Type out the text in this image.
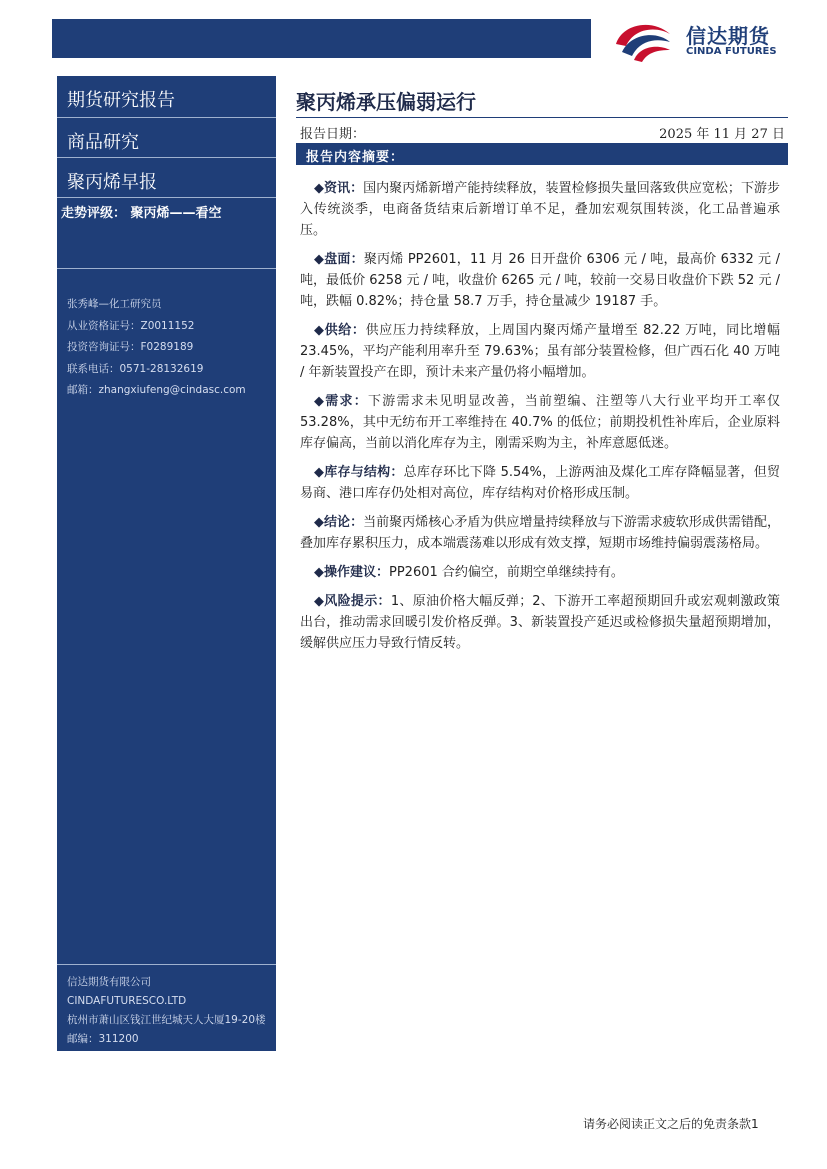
信达期货
CINDA FUTURES
期货研究报告
商品研究
聚丙烯早报
走势评级： 聚丙烯——看空
张秀峰—化工研究员
从业资格证号：Z0011152
投资咨询证号：F0289189
联系电话：0571-28132619
邮箱：zhangxiufeng@cindasc.com
信达期货有限公司
CINDAFUTURESCO.LTD
杭州市萧山区钱江世纪城天人大厦19-20楼
邮编：311200
聚丙烯承压偏弱运行
报告日期：	2025 年 11 月 27 日
报告内容摘要：

◆资讯：国内聚丙烯新增产能持续释放，装置检修损失量回落致供应宽松；下游步入传统淡季，电商备货结束后新增订单不足，叠加宏观氛围转淡，化工品普遍承压。

◆盘面：聚丙烯 PP2601，11 月 26 日开盘价 6306 元 / 吨，最高价 6332 元 / 吨，最低价 6258 元 / 吨，收盘价 6265 元 / 吨，较前一交易日收盘价下跌 52 元 / 吨，跌幅 0.82%；持仓量 58.7 万手，持仓量减少 19187 手。

◆供给：供应压力持续释放，上周国内聚丙烯产量增至 82.22 万吨，同比增幅 23.45%，平均产能利用率升至 79.63%；虽有部分装置检修，但广西石化 40 万吨 / 年新装置投产在即，预计未来产量仍将小幅增加。

◆需求：下游需求未见明显改善，当前塑编、注塑等八大行业平均开工率仅 53.28%，其中无纺布开工率维持在 40.7% 的低位；前期投机性补库后，企业原料库存偏高，当前以消化库存为主，刚需采购为主，补库意愿低迷。

◆库存与结构：总库存环比下降 5.54%，上游两油及煤化工库存降幅显著，但贸易商、港口库存仍处相对高位，库存结构对价格形成压制。

◆结论：当前聚丙烯核心矛盾为供应增量持续释放与下游需求疲软形成供需错配，叠加库存累积压力，成本端震荡难以形成有效支撑，短期市场维持偏弱震荡格局。

◆操作建议：PP2601 合约偏空，前期空单继续持有。

◆风险提示：1、原油价格大幅反弹；2、下游开工率超预期回升或宏观刺激政策出台，推动需求回暖引发价格反弹。3、新装置投产延迟或检修损失量超预期增加，缓解供应压力导致行情反转。

请务必阅读正文之后的免责条款1
